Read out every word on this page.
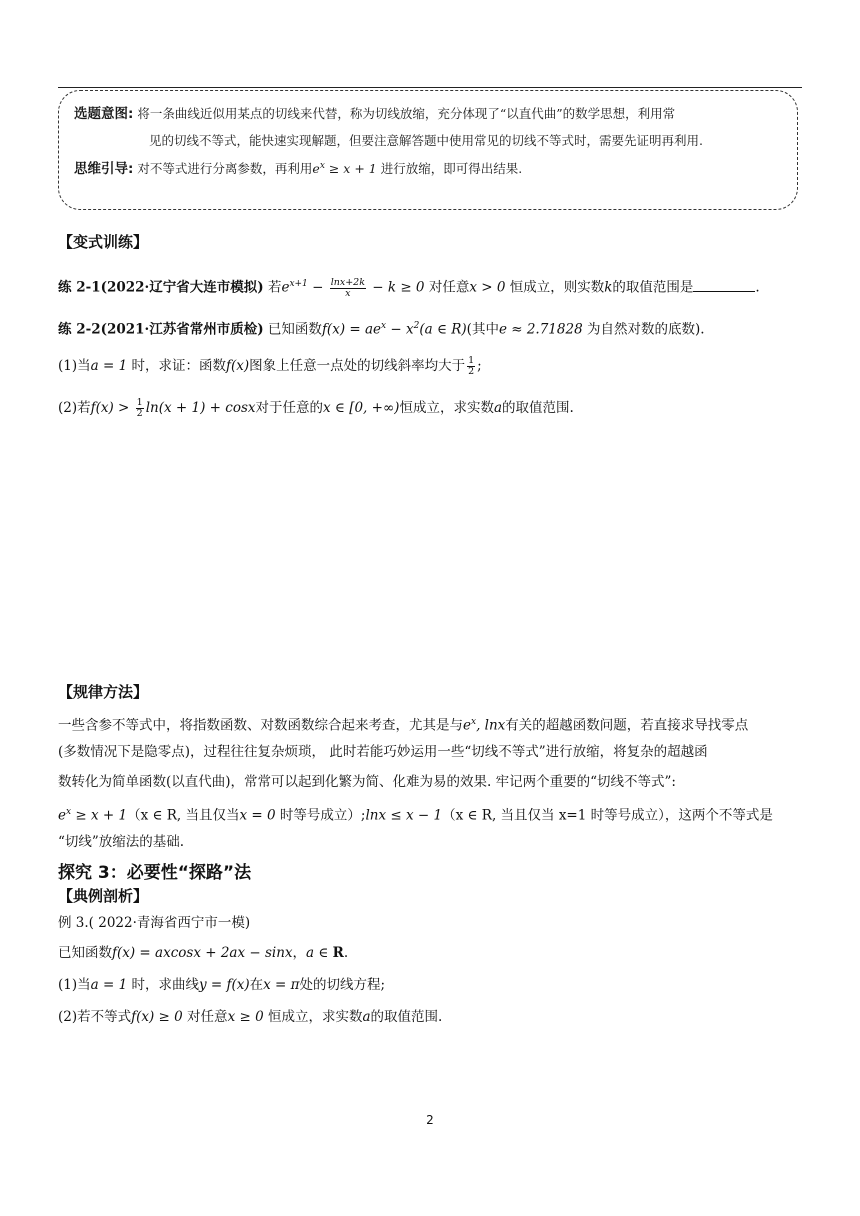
选题意图: 将一条曲线近似用某点的切线来代替，称为切线放缩，充分体现了“以直代曲”的数学思想，利用常
见的切线不等式，能快速实现解题，但要注意解答题中使用常见的切线不等式时，需要先证明再利用.
思维引导: 对不等式进行分离参数，再利用$e^x \ge x + 1$ 进行放缩，即可得出结果.
【变式训练】
练 2-1(2022·辽宁省大连市模拟) 若$e^{x+1} - \frac{\ln x+2k}{x} - k \ge 0$ 对任意x > 0 恒成立，则实数k的取值范围是	.
练 2-2(2021·江苏省常州市质检) 已知函数$f(x) = ae^x - x^2(a$ ∈ R)(其中e ≈ 2.71828 为自然对数的底数).
(1)当a = 1 时，求证：函数f(x)图象上任意一点处的切线斜率均大于 $\frac{1}{2}$ ;
(2)若$f(x) > \frac{1}{2} \ln(x + 1) + \cos x$对于任意的x ∈ [0, +∞)恒成立，求实数a的取值范围.
【规律方法】
一些含参不等式中，将指数函数、对数函数综合起来考查，尤其是与$e^x$, lnx有关的超越函数问题，若直接求导找零点
(多数情况下是隐零点)，过程往往复杂烦琐， 此时若能巧妙运用一些“切线不等式”进行放缩，将复杂的超越函
数转化为简单函数(以直代曲)，常常可以起到化繁为简、化难为易的效果. 牢记两个重要的“切线不等式”:
$e^x \ge x + 1(x$ ∈ R, 当且仅当x = 0 时等号成立）;lnx ≤ x − 1（x ∈ R, 当且仅当 x=1 时等号成立），这两个不等式是
“切线”放缩法的基础.
探究 3：必要性“探路”法
【典例剖析】
例 3.( 2022·青海省西宁市一模)
已知函数f(x) = axcosx + 2ax − sinx，a ∈ R.
(1)当a = 1 时，求曲线y = f(x)在x = π处的切线方程;
(2)若不等式f(x) ≥ 0 对任意x ≥ 0 恒成立，求实数a的取值范围.
2
